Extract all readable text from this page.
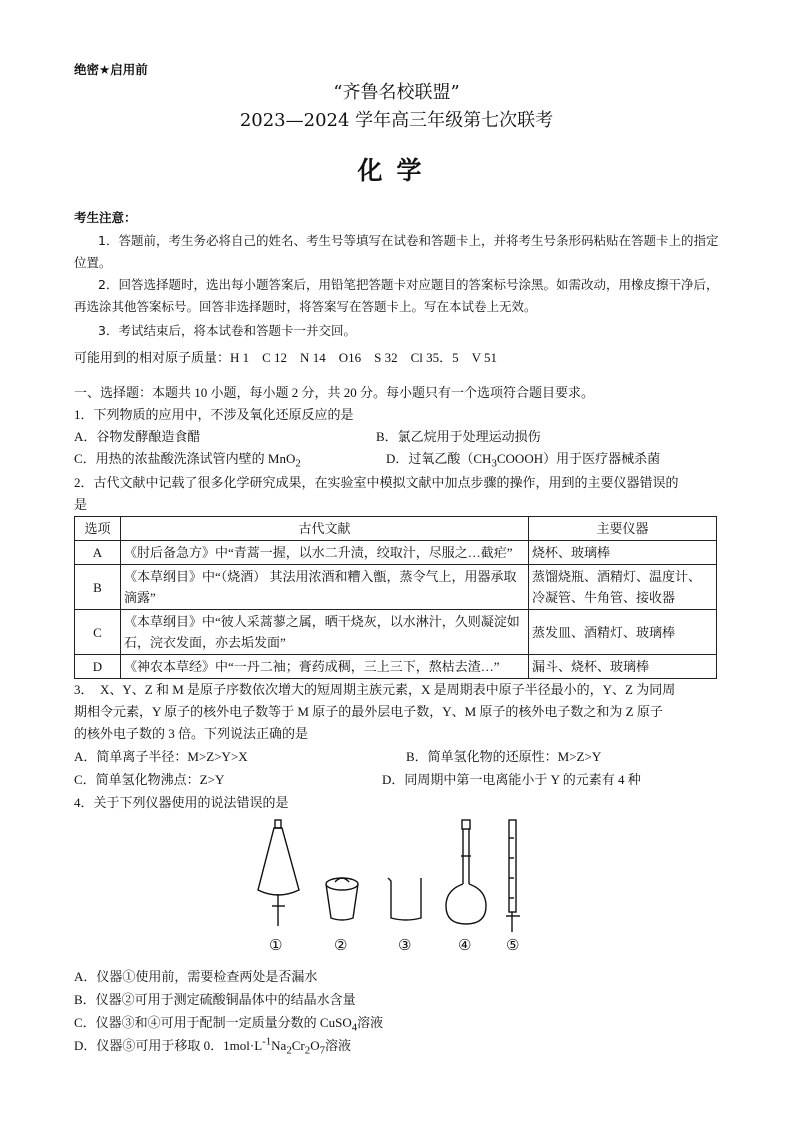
绝密★启用前
“齐鲁名校联盟”
2023—2024 学年高三年级第七次联考
化学
考生注意：
1．答题前，考生务必将自己的姓名、考生号等填写在试卷和答题卡上，并将考生号条形码粘贴在答题卡上的指定位置。
2．回答选择题时，选出每小题答案后，用铅笔把答题卡对应题目的答案标号涂黑。如需改动，用橡皮擦干净后，再选涂其他答案标号。回答非选择题时，将答案写在答题卡上。写在本试卷上无效。
3．考试结束后，将本试卷和答题卡一并交回。
可能用到的相对原子质量：H 1　C 12　N 14　O16　S 32　Cl 35．5　V 51
一、选择题：本题共 10 小题，每小题 2 分，共 20 分。每小题只有一个选项符合题目要求。
1．下列物质的应用中，不涉及氧化还原反应的是
A．谷物发酵酿造食醋	B．氯乙烷用于处理运动损伤
C．用热的浓盐酸洗涤试管内壁的 MnO$_2$	D．过氧乙酸$(CH_3COOOH)$用于医疗器械杀菌
2．古代文献中记载了很多化学研究成果，在实验室中模拟文献中加点步骤的操作，用到的主要仪器错误的
是
选项	古代文献	主要仪器
A	《肘后备急方》中“青蒿一握，以水二升渍，绞取汁，尽服之…截疟”	烧杯、玻璃棒
B	《本草纲目》中“（烧酒） 其法用浓酒和糟入甑，蒸令气上，用器承取滴露”	蒸馏烧瓶、酒精灯、温度计、冷凝管、牛角管、接收器
C	《本草纲目》中“彼人采蒿蓼之属，晒干烧灰，以水淋汁，久则凝淀如石，浣衣发面，亦去垢发面”	蒸发皿、酒精灯、玻璃棒
D	《神农本草经》中“一丹二袖；膏药成稠，三上三下，熬枯去渣…”	漏斗、烧杯、玻璃棒
3．　X、Y、Z 和 M 是原子序数依次增大的短周期主族元素，X 是周期表中原子半径最小的，Y、Z 为同周
期相令元素，Y 原子的核外电子数等于 M 原子的最外层电子数，Y、M 原子的核外电子数之和为 Z 原子
的核外电子数的 3 倍。下列说法正确的是
A．简单离子半径：M>Z>Y>X	B．简单氢化物的还原性：M>Z>Y
C．简单氢化物沸点：Z>Y	D．同周期中第一电离能小于 Y 的元素有 4 种
4．关于下列仪器使用的说法错误的是
①	②	③	④ ⑤
A．仪器①使用前，需要检查两处是否漏水
B．仪器②可用于测定硫酸铜晶体中的结晶水含量
C．仪器③和④可用于配制一定质量分数的 CuSO$_4$溶液
D．仪器⑤可用于移取 0．$1mol\cdot L^{-1}Na_2Cr_2O_7$溶液
